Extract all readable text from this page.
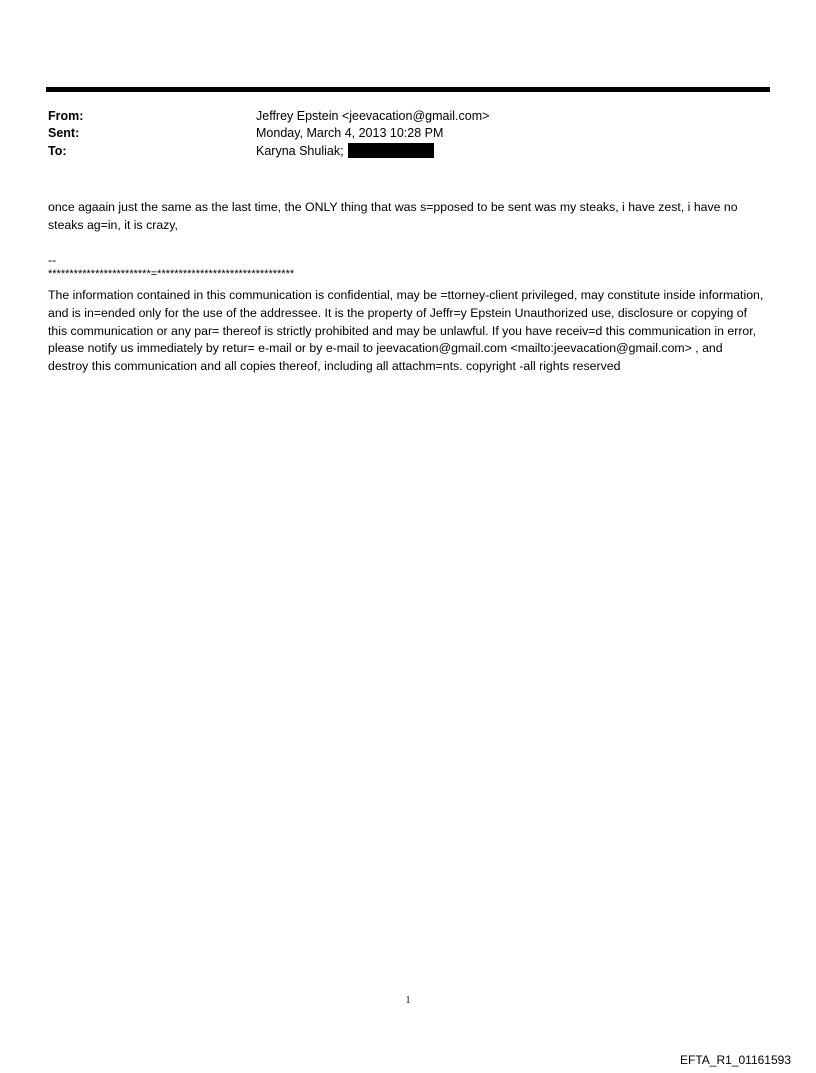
From:	Jeffrey Epstein <jeevacation@gmail.com>
Sent:	Monday, March 4, 2013 10:28 PM
To:	Karyna Shuliak;
once agaain just the same as the last time, the ONLY thing that was s=pposed to be sent was my steaks, i have zest, i have no steaks ag=in, it is crazy,
--
************************=********************************
The information contained in this communication is confidential, may be =ttorney-client privileged, may constitute inside information, and is in=ended only for the use of the addressee. It is the property of Jeffr=y Epstein Unauthorized use, disclosure or copying of this communication or any par= thereof is strictly prohibited and may be unlawful. If you have receiv=d this communication in error, please notify us immediately by retur= e-mail or by e-mail to jeevacation@gmail.com <mailto:jeevacation@gmail.com> , and destroy this communication and all copies thereof, including all attachm=nts. copyright -all rights reserved
1
EFTA_R1_01161593
